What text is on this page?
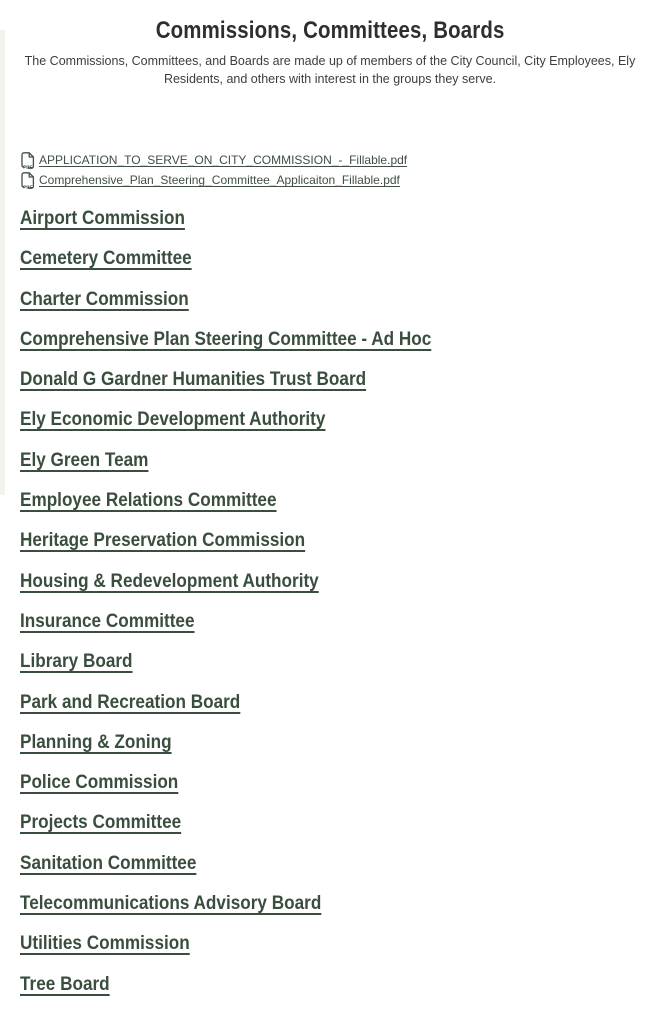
Commissions, Committees, Boards

The Commissions, Committees, and Boards are made up of members of the City Council, City Employees, Ely Residents, and others with interest in the groups they serve.

PDF APPLICATION_TO_SERVE_ON_CITY_COMMISSION_-_Fillable.pdf
PDF Comprehensive_Plan_Steering_Committee_Applicaiton_Fillable.pdf
Airport Commission
Cemetery Committee
Charter Commission
Comprehensive Plan Steering Committee - Ad Hoc
Donald G Gardner Humanities Trust Board
Ely Economic Development Authority
Ely Green Team
Employee Relations Committee
Heritage Preservation Commission
Housing & Redevelopment Authority
Insurance Committee
Library Board
Park and Recreation Board
Planning & Zoning
Police Commission
Projects Committee
Sanitation Committee
Telecommunications Advisory Board
Utilities Commission
Tree Board
